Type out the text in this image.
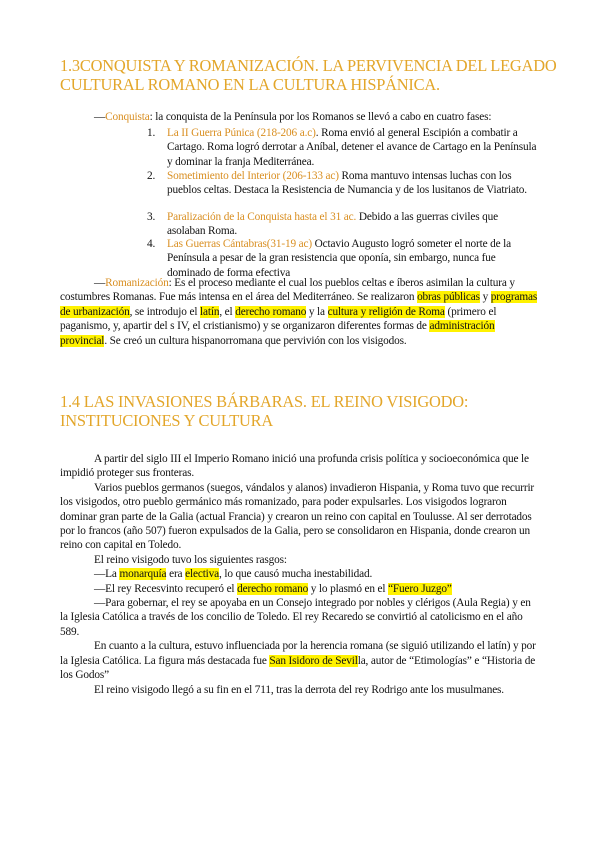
1.3CONQUISTA Y ROMANIZACIÓN. LA PERVIVENCIA DEL LEGADO CULTURAL ROMANO EN LA CULTURA HISPÁNICA.

—Conquista: la conquista de la Península por los Romanos se llevó a cabo en cuatro fases:

1. La II Guerra Púnica (218-206 a.c). Roma envió al general Escipión a combatir a Cartago. Roma logró derrotar a Aníbal, detener el avance de Cartago en la Península y dominar la franja Mediterránea.
2. Sometimiento del Interior (206-133 ac) Roma mantuvo intensas luchas con los pueblos celtas. Destaca la Resistencia de Numancia y de los lusitanos de Viatriato.
3. Paralización de la Conquista hasta el 31 ac. Debido a las guerras civiles que asolaban Roma.
4. Las Guerras Cántabras(31-19 ac) Octavio Augusto logró someter el norte de la Península a pesar de la gran resistencia que oponía, sin embargo, nunca fue dominado de forma efectiva

—Romanización: Es el proceso mediante el cual los pueblos celtas e íberos asimilan la cultura y costumbres Romanas. Fue más intensa en el área del Mediterráneo. Se realizaron obras públicas y programas de urbanización, se introdujo el latín, el derecho romano y la cultura y religión de Roma (primero el paganismo, y, apartir del s IV, el cristianismo) y se organizaron diferentes formas de administración provincial. Se creó un cultura hispanorromana que pervivión con los visigodos.

1.4 LAS INVASIONES BÁRBARAS. EL REINO VISIGODO: INSTITUCIONES Y CULTURA

A partir del siglo III el Imperio Romano inició una profunda crisis política y socioeconómica que le impidió proteger sus fronteras.

Varios pueblos germanos (suegos, vándalos y alanos) invadieron Hispania, y Roma tuvo que recurrir los visigodos, otro pueblo germánico más romanizado, para poder expulsarles. Los visigodos lograron dominar gran parte de la Galia (actual Francia) y crearon un reino con capital en Toulusse. Al ser derrotados por lo francos (año 507) fueron expulsados de la Galia, pero se consolidaron en Hispania, donde crearon un reino con capital en Toledo.

El reino visigodo tuvo los siguientes rasgos:

—La monarquía era electiva, lo que causó mucha inestabilidad.

—El rey Recesvinto recuperó el derecho romano y lo plasmó en el “Fuero Juzgo”

—Para gobernar, el rey se apoyaba en un Consejo integrado por nobles y clérigos (Aula Regia) y en la Iglesia Católica a través de los concilio de Toledo. El rey Recaredo se convirtió al catolicismo en el año 589.

En cuanto a la cultura, estuvo influenciada por la herencia romana (se siguió utilizando el latín) y por la Iglesia Católica. La figura más destacada fue San Isidoro de Sevilla, autor de “Etimologías” e “Historia de los Godos”

El reino visigodo llegó a su fin en el 711, tras la derrota del rey Rodrigo ante los musulmanes.
